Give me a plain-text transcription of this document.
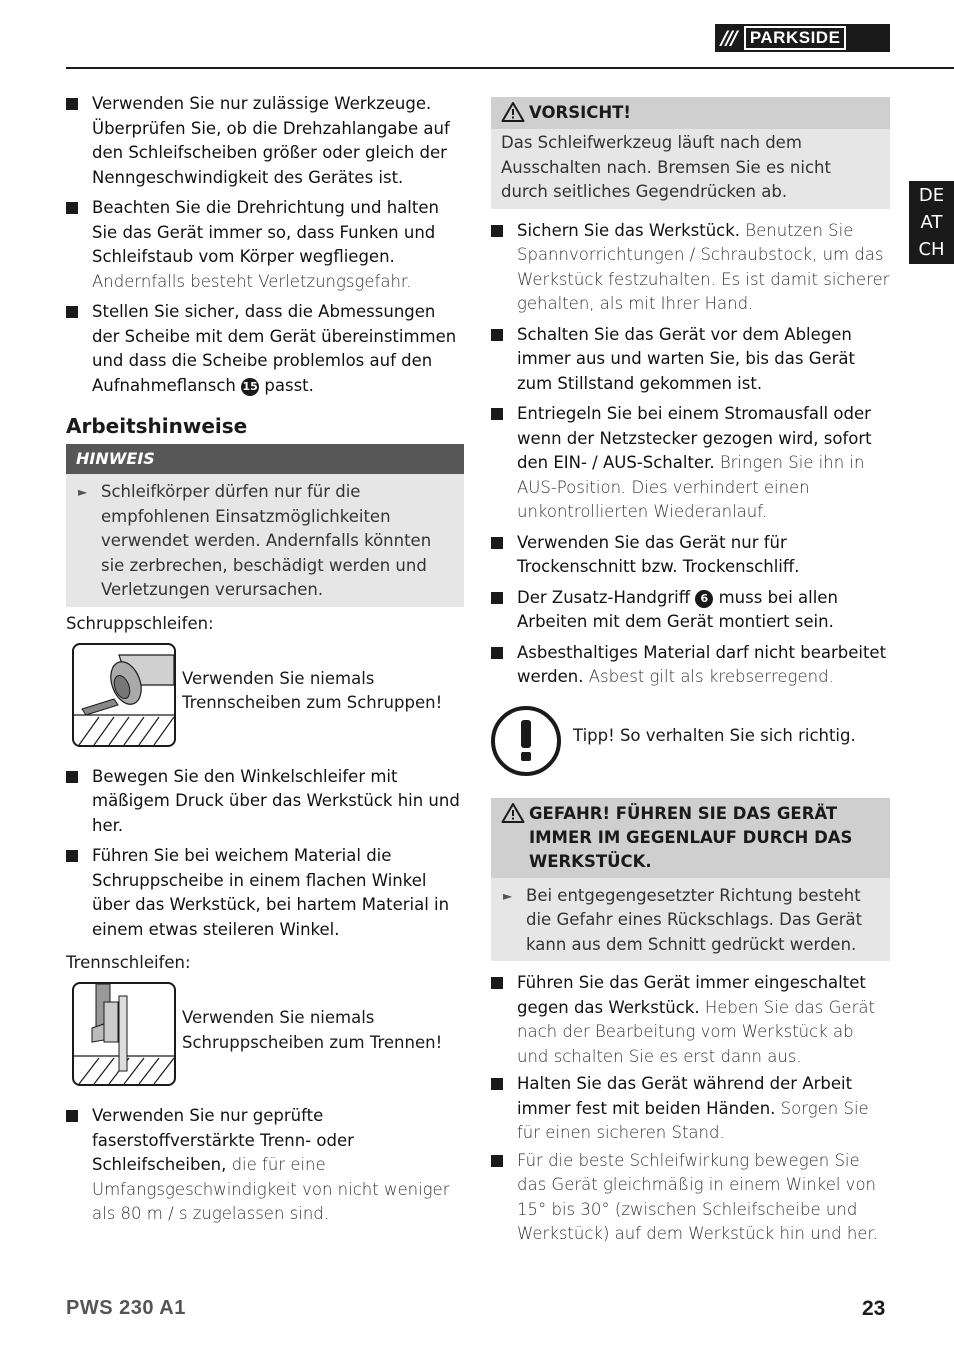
/// PARKSIDE
DE
AT
CH
Verwenden Sie nur zulässige Werkzeuge. Überprüfen Sie, ob die Drehzahlangabe auf den Schleifscheiben größer oder gleich der Nenngeschwindigkeit des Gerätes ist.
Beachten Sie die Drehrichtung und halten Sie das Gerät immer so, dass Funken und Schleifstaub vom Körper wegfliegen. Andernfalls besteht Verletzungsgefahr.
Stellen Sie sicher, dass die Abmessungen der Scheibe mit dem Gerät übereinstimmen und dass die Scheibe problemlos auf den Aufnahmeflansch 15 passt.
Arbeitshinweise
HINWEIS
► Schleifkörper dürfen nur für die empfohlenen Einsatzmöglichkeiten verwendet werden. Andernfalls könnten sie zerbrechen, beschädigt werden und Verletzungen verursachen.
Schruppschleifen:
Verwenden Sie niemals Trennscheiben zum Schruppen!
Bewegen Sie den Winkelschleifer mit mäßigem Druck über das Werkstück hin und her.
Führen Sie bei weichem Material die Schruppscheibe in einem flachen Winkel über das Werkstück, bei hartem Material in einem etwas steileren Winkel.
Trennschleifen:
Verwenden Sie niemals Schruppscheiben zum Trennen!
Verwenden Sie nur geprüfte faserstoffverstärkte Trenn- oder Schleifscheiben, die für eine Umfangsgeschwindigkeit von nicht weniger als 80 m / s zugelassen sind.
VORSICHT!
Das Schleifwerkzeug läuft nach dem Ausschalten nach. Bremsen Sie es nicht durch seitliches Gegendrücken ab.
Sichern Sie das Werkstück. Benutzen Sie Spannvorrichtungen / Schraubstock, um das Werkstück festzuhalten. Es ist damit sicherer gehalten, als mit Ihrer Hand.
Schalten Sie das Gerät vor dem Ablegen immer aus und warten Sie, bis das Gerät zum Stillstand gekommen ist.
Entriegeln Sie bei einem Stromausfall oder wenn der Netzstecker gezogen wird, sofort den EIN- / AUS-Schalter. Bringen Sie ihn in AUS-Position. Dies verhindert einen unkontrollierten Wiederanlauf.
Verwenden Sie das Gerät nur für Trockenschnitt bzw. Trockenschliff.
Der Zusatz-Handgriff 6 muss bei allen Arbeiten mit dem Gerät montiert sein.
Asbesthaltiges Material darf nicht bearbeitet werden. Asbest gilt als krebserregend.
Tipp! So verhalten Sie sich richtig.
GEFAHR! FÜHREN SIE DAS GERÄT IMMER IM GEGENLAUF DURCH DAS WERKSTÜCK.
► Bei entgegengesetzter Richtung besteht die Gefahr eines Rückschlags. Das Gerät kann aus dem Schnitt gedrückt werden.
Führen Sie das Gerät immer eingeschaltet gegen das Werkstück. Heben Sie das Gerät nach der Bearbeitung vom Werkstück ab und schalten Sie es erst dann aus.
Halten Sie das Gerät während der Arbeit immer fest mit beiden Händen. Sorgen Sie für einen sicheren Stand.
Für die beste Schleifwirkung bewegen Sie das Gerät gleichmäßig in einem Winkel von 15° bis 30° (zwischen Schleifscheibe und Werkstück) auf dem Werkstück hin und her.
PWS 230 A1	23
